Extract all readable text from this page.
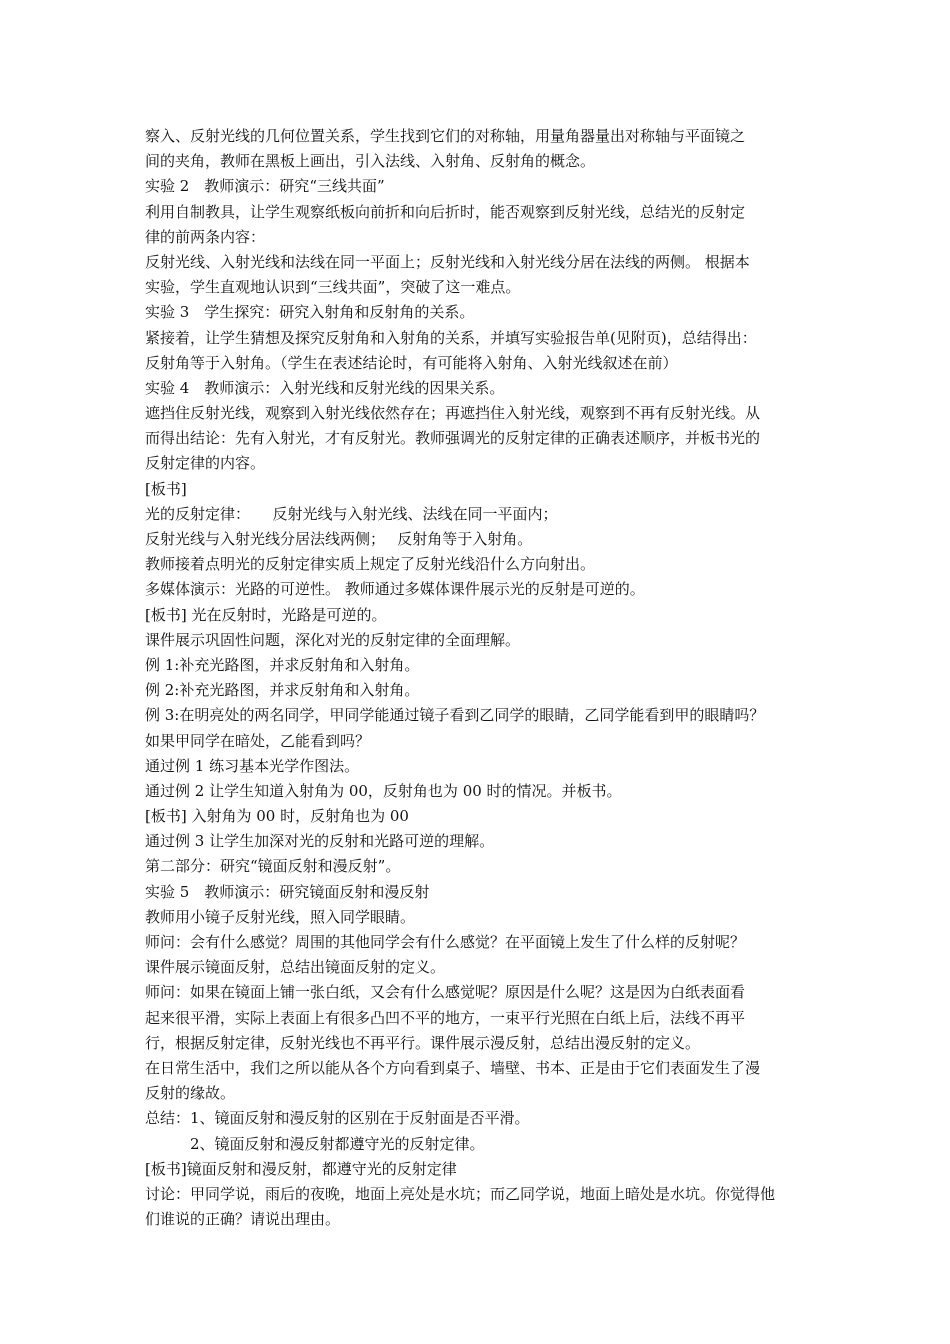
察入、反射光线的几何位置关系，学生找到它们的对称轴，用量角器量出对称轴与平面镜之
间的夹角，教师在黑板上画出，引入法线、入射角、反射角的概念。
实验 2　教师演示：研究“三线共面”
利用自制教具，让学生观察纸板向前折和向后折时，能否观察到反射光线，总结光的反射定
律的前两条内容：
反射光线、入射光线和法线在同一平面上；反射光线和入射光线分居在法线的两侧。 根据本
实验，学生直观地认识到“三线共面”，突破了这一难点。
实验 3　学生探究：研究入射角和反射角的关系。
紧接着，让学生猜想及探究反射角和入射角的关系，并填写实验报告单(见附页)，总结得出：
反射角等于入射角。（学生在表述结论时，有可能将入射角、入射光线叙述在前）
实验 4　教师演示：入射光线和反射光线的因果关系。
遮挡住反射光线，观察到入射光线依然存在；再遮挡住入射光线，观察到不再有反射光线。从
而得出结论：先有入射光，才有反射光。教师强调光的反射定律的正确表述顺序，并板书光的
反射定律的内容。
[板书]
光的反射定律：　　反射光线与入射光线、法线在同一平面内；
反射光线与入射光线分居法线两侧；　 反射角等于入射角。
教师接着点明光的反射定律实质上规定了反射光线沿什么方向射出。
多媒体演示：光路的可逆性。 教师通过多媒体课件展示光的反射是可逆的。
[板书] 光在反射时，光路是可逆的。
课件展示巩固性问题，深化对光的反射定律的全面理解。
例 1:补充光路图，并求反射角和入射角。
例 2:补充光路图，并求反射角和入射角。
例 3:在明亮处的两名同学，甲同学能通过镜子看到乙同学的眼睛，乙同学能看到甲的眼睛吗？
如果甲同学在暗处，乙能看到吗？
通过例 1 练习基本光学作图法。
通过例 2 让学生知道入射角为 00，反射角也为 00 时的情况。并板书。
[板书] 入射角为 00 时，反射角也为 00
通过例 3 让学生加深对光的反射和光路可逆的理解。
第二部分：研究“镜面反射和漫反射”。
实验 5　教师演示：研究镜面反射和漫反射
教师用小镜子反射光线，照入同学眼睛。
师问：会有什么感觉？周围的其他同学会有什么感觉？在平面镜上发生了什么样的反射呢？
课件展示镜面反射，总结出镜面反射的定义。
师问：如果在镜面上铺一张白纸，又会有什么感觉呢？原因是什么呢？这是因为白纸表面看
起来很平滑，实际上表面上有很多凸凹不平的地方，一束平行光照在白纸上后，法线不再平
行，根据反射定律，反射光线也不再平行。课件展示漫反射，总结出漫反射的定义。
在日常生活中，我们之所以能从各个方向看到桌子、墙壁、书本、正是由于它们表面发生了漫
反射的缘故。
总结：1、镜面反射和漫反射的区别在于反射面是否平滑。
　　　2、镜面反射和漫反射都遵守光的反射定律。
[板书]镜面反射和漫反射，都遵守光的反射定律
讨论：甲同学说，雨后的夜晚，地面上亮处是水坑；而乙同学说，地面上暗处是水坑。你觉得他
们谁说的正确？请说出理由。
